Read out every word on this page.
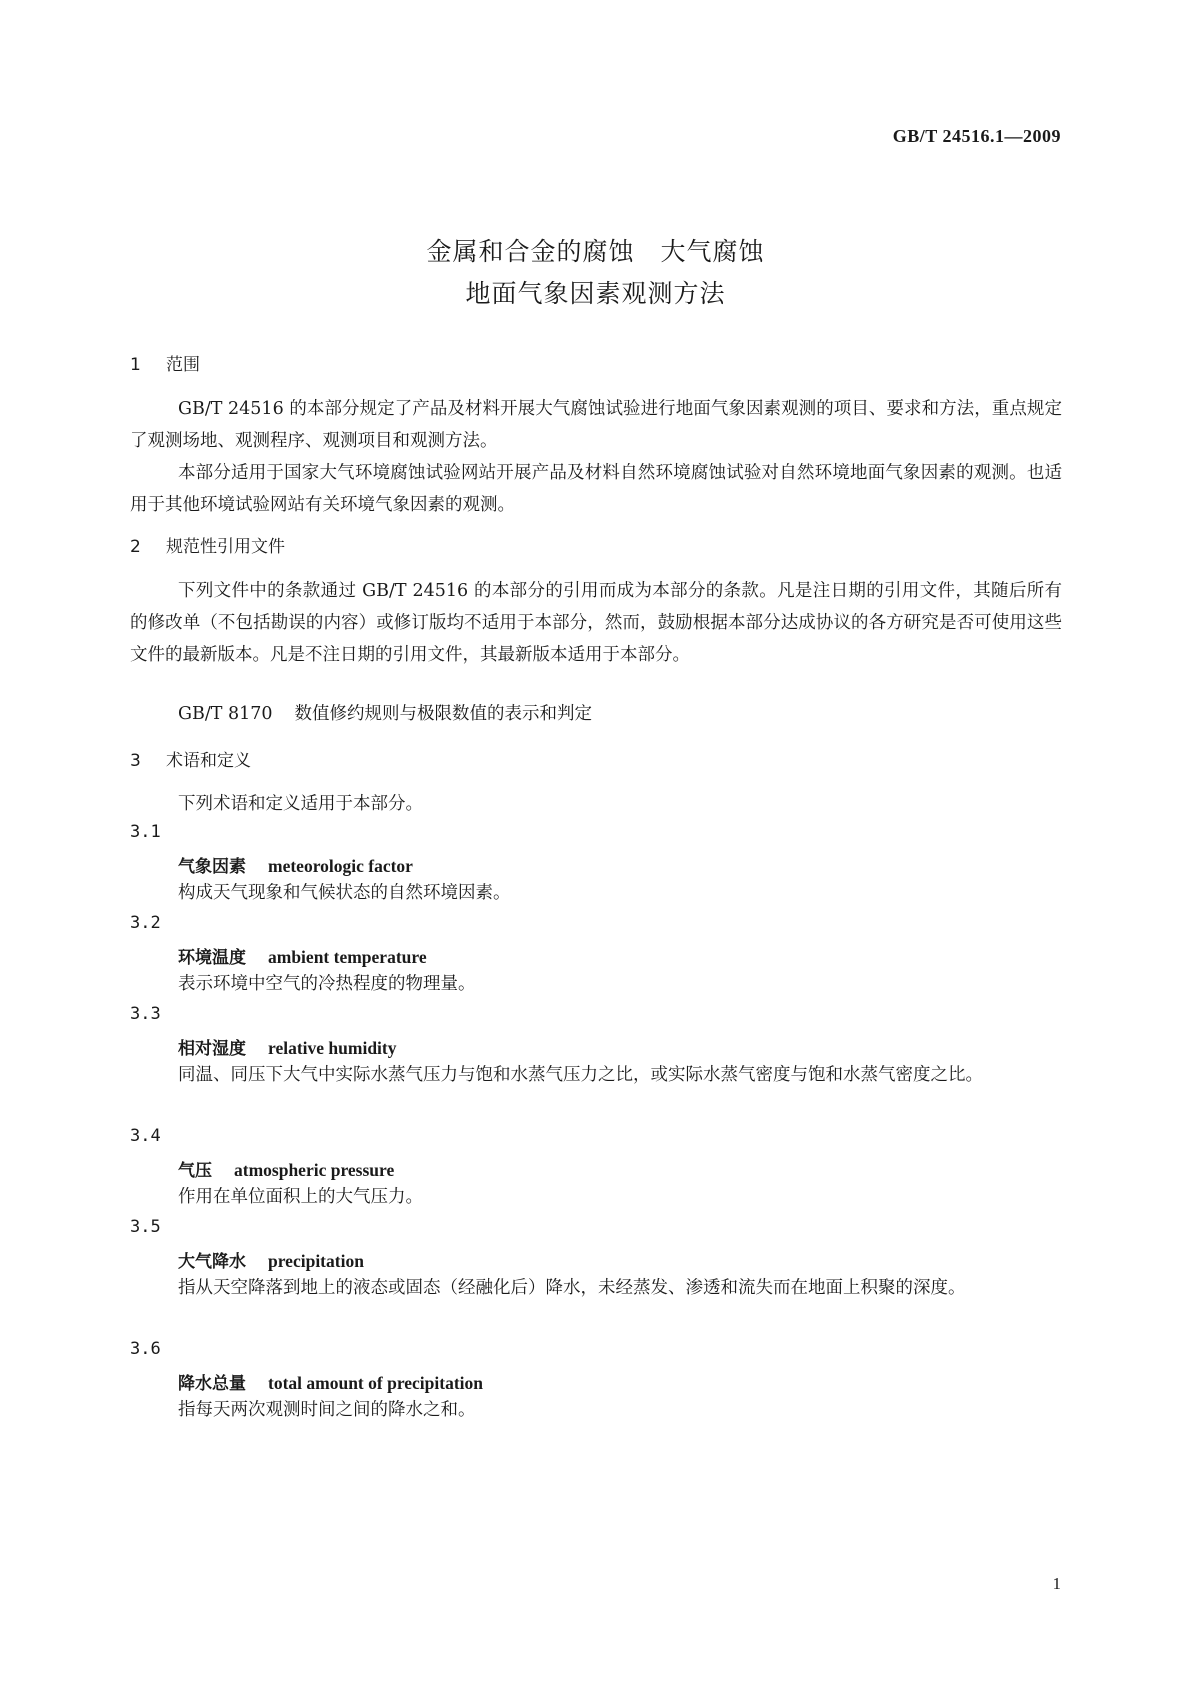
GB/T 24516.1—2009
金属和合金的腐蚀　大气腐蚀
地面气象因素观测方法
1 范围
GB/T 24516 的本部分规定了产品及材料开展大气腐蚀试验进行地面气象因素观测的项目、要求和方法，重点规定了观测场地、观测程序、观测项目和观测方法。
本部分适用于国家大气环境腐蚀试验网站开展产品及材料自然环境腐蚀试验对自然环境地面气象因素的观测。也适用于其他环境试验网站有关环境气象因素的观测。
2 规范性引用文件
下列文件中的条款通过 GB/T 24516 的本部分的引用而成为本部分的条款。凡是注日期的引用文件，其随后所有的修改单（不包括勘误的内容）或修订版均不适用于本部分，然而，鼓励根据本部分达成协议的各方研究是否可使用这些文件的最新版本。凡是不注日期的引用文件，其最新版本适用于本部分。
GB/T 8170 数值修约规则与极限数值的表示和判定
3 术语和定义
下列术语和定义适用于本部分。
3.1
气象因素 meteorologic factor
构成天气现象和气候状态的自然环境因素。
3.2
环境温度 ambient temperature
表示环境中空气的冷热程度的物理量。
3.3
相对湿度 relative humidity
同温、同压下大气中实际水蒸气压力与饱和水蒸气压力之比，或实际水蒸气密度与饱和水蒸气密度之比。
3.4
气压 atmospheric pressure
作用在单位面积上的大气压力。
3.5
大气降水 precipitation
指从天空降落到地上的液态或固态（经融化后）降水，未经蒸发、渗透和流失而在地面上积聚的深度。
3.6
降水总量 total amount of precipitation
指每天两次观测时间之间的降水之和。
1
